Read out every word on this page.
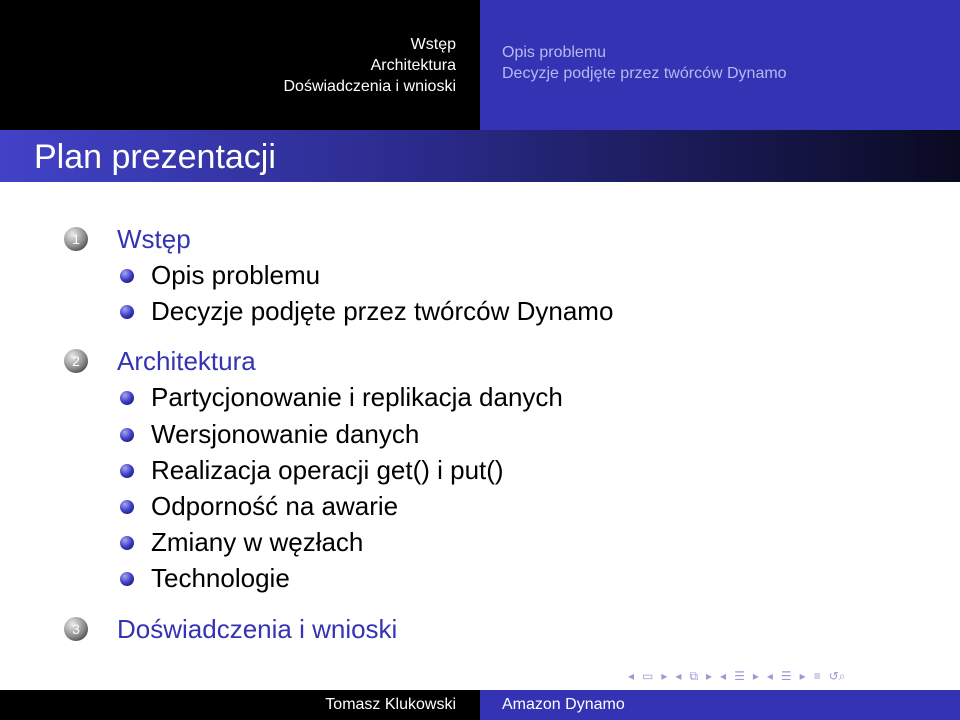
Wstęp
Architektura
Doświadczenia i wnioski
Opis problemu
Decyzje podjęte przez twórców Dynamo
Plan prezentacji
1	Wstęp
Opis problemu
Decyzje podjęte przez twórców Dynamo
2	Architektura
Partycjonowanie i replikacja danych
Wersjonowanie danych
Realizacja operacji get() i put()
Odporność na awarie
Zmiany w węzłach
Technologie
3	Doświadczenia i wnioski
◂ ▭ ▸ ◂ ⧉ ▸ ◂ ☰ ▸ ◂ ☰ ▸ ≡ ↺⌕
Tomasz Klukowski	Amazon Dynamo
